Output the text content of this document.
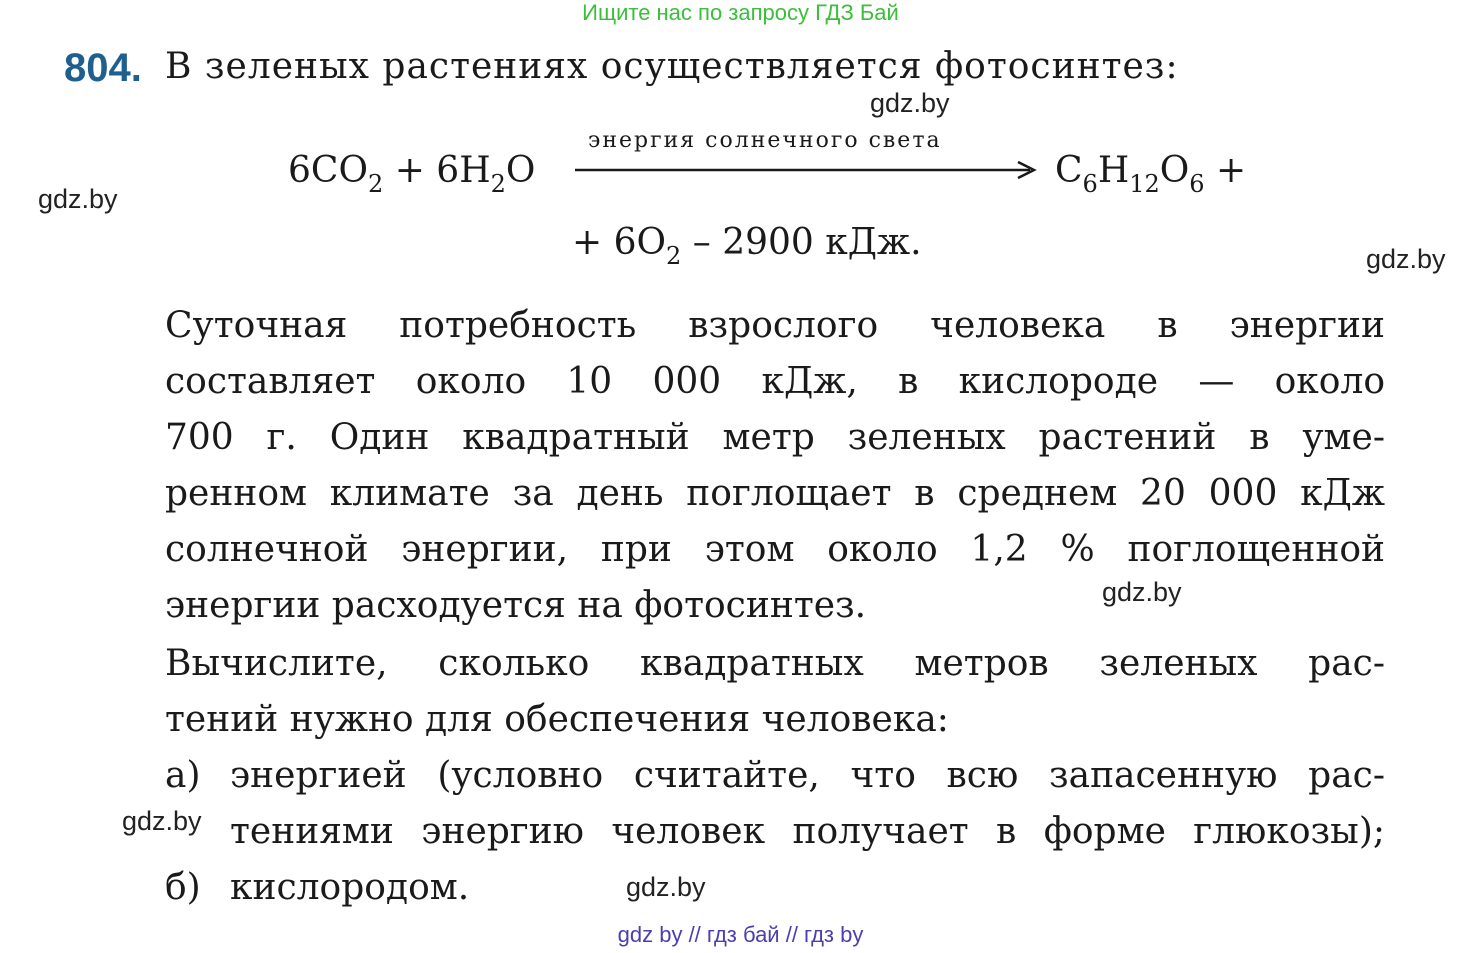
Ищите нас по запросу ГДЗ Бай
804. В зеленых растениях осуществляется фотосинтез:
gdz.by
gdz.by
gdz.by
gdz.by
gdz.by
gdz.by
$6CO_2 + 6H_2O$
энергия солнечного света
$C_6H_{12}O_6$ +
+ $6O_2 - 2900$ кДж.
Суточная потребность взрослого человека в энергии
составляет около 10 000 кДж, в кислороде — около
700 г. Один квадратный метр зеленых растений в уме-
ренном климате за день поглощает в среднем 20 000 кДж
солнечной энергии, при этом около 1,2 % поглощенной
энергии расходуется на фотосинтез.
Вычислите, сколько квадратных метров зеленых рас-
тений нужно для обеспечения человека:
а) энергией (условно считайте, что всю запасенную рас-
тениями энергию человек получает в форме глюкозы);
б) кислородом.
gdz by // гдз бай // гдз by
